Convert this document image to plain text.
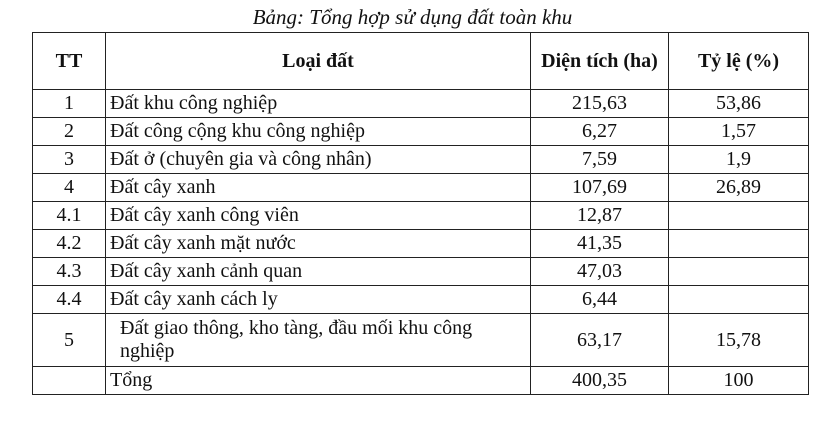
Bảng: Tổng hợp sử dụng đất toàn khu
TT	Loại đất	Diện tích (ha)	Tỷ lệ (%)
1	Đất khu công nghiệp	215,63	53,86
2	Đất công cộng khu công nghiệp	6,27	1,57
3	Đất ở (chuyên gia và công nhân)	7,59	1,9
4	Đất cây xanh	107,69	26,89
4.1	Đất cây xanh công viên	12,87	
4.2	Đất cây xanh mặt nước	41,35	
4.3	Đất cây xanh cảnh quan	47,03	
4.4	Đất cây xanh cách ly	6,44	
5	Đất giao thông, kho tàng, đầu mối khu công nghiệp	63,17	15,78
	Tổng	400,35	100
